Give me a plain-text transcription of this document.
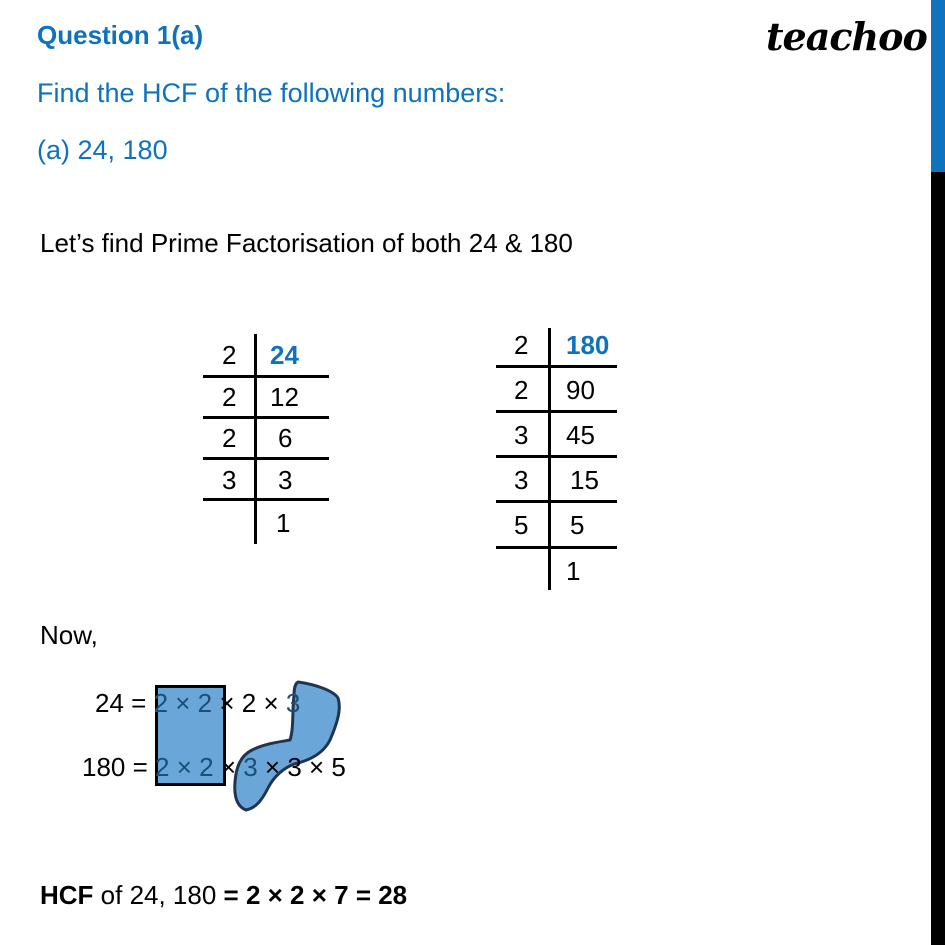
Question 1(a)
Find the HCF of the following numbers:
(a) 24, 180
teachoo
Let’s find Prime Factorisation of both 24 & 180
2 24
2 12
2 6
3 3
1
2 180
2 90
3 45
3 15
5 5
1
Now,
24 = 2 × 2 × 2 × 3
180 = 2 × 2 × 3 × 3 × 5
HCF of 24, 180 = 2 × 2 × 7 = 28
